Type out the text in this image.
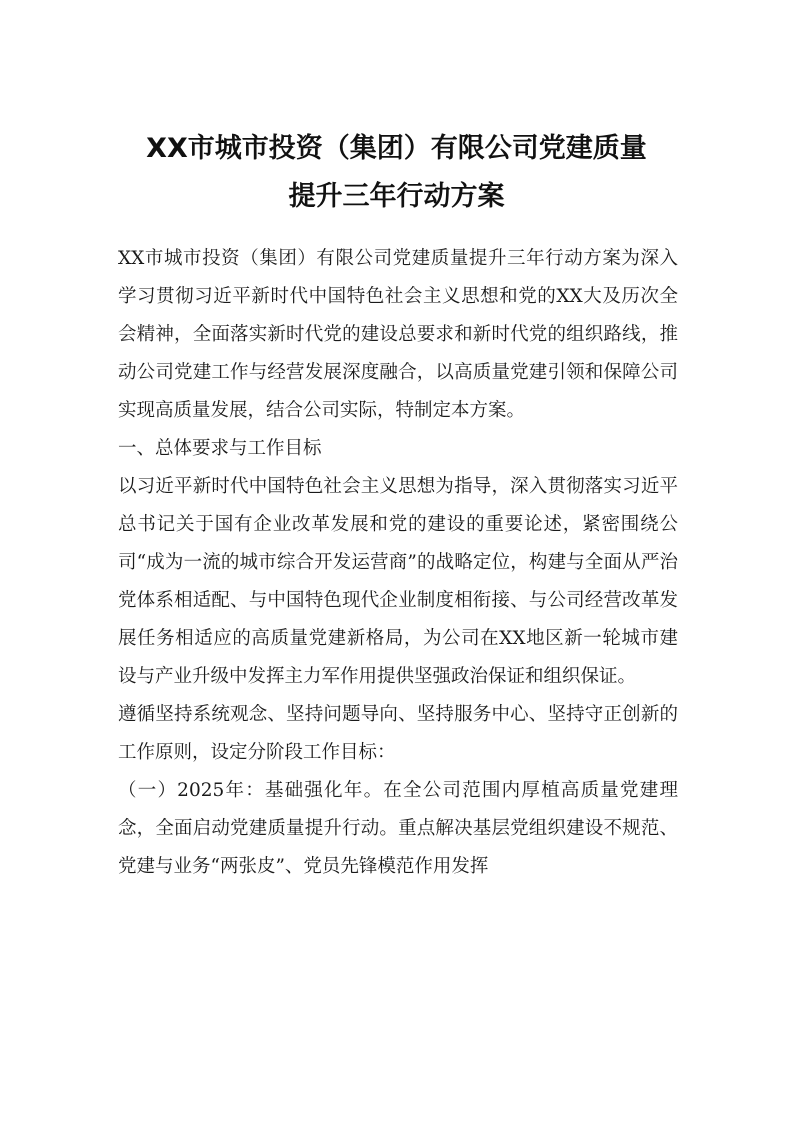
XX市城市投资（集团）有限公司党建质量
提升三年行动方案

XX市城市投资（集团）有限公司党建质量提升三年行动方案为深入学习贯彻习近平新时代中国特色社会主义思想和党的XX大及历次全会精神，全面落实新时代党的建设总要求和新时代党的组织路线，推动公司党建工作与经营发展深度融合，以高质量党建引领和保障公司实现高质量发展，结合公司实际，特制定本方案。

一、总体要求与工作目标

以习近平新时代中国特色社会主义思想为指导，深入贯彻落实习近平总书记关于国有企业改革发展和党的建设的重要论述，紧密围绕公司“成为一流的城市综合开发运营商”的战略定位，构建与全面从严治党体系相适配、与中国特色现代企业制度相衔接、与公司经营改革发展任务相适应的高质量党建新格局，为公司在XX地区新一轮城市建设与产业升级中发挥主力军作用提供坚强政治保证和组织保证。

遵循坚持系统观念、坚持问题导向、坚持服务中心、坚持守正创新的工作原则，设定分阶段工作目标：

（一）2025年：基础强化年。在全公司范围内厚植高质量党建理念，全面启动党建质量提升行动。重点解决基层党组织建设不规范、党建与业务“两张皮”、党员先锋模范作用发挥
